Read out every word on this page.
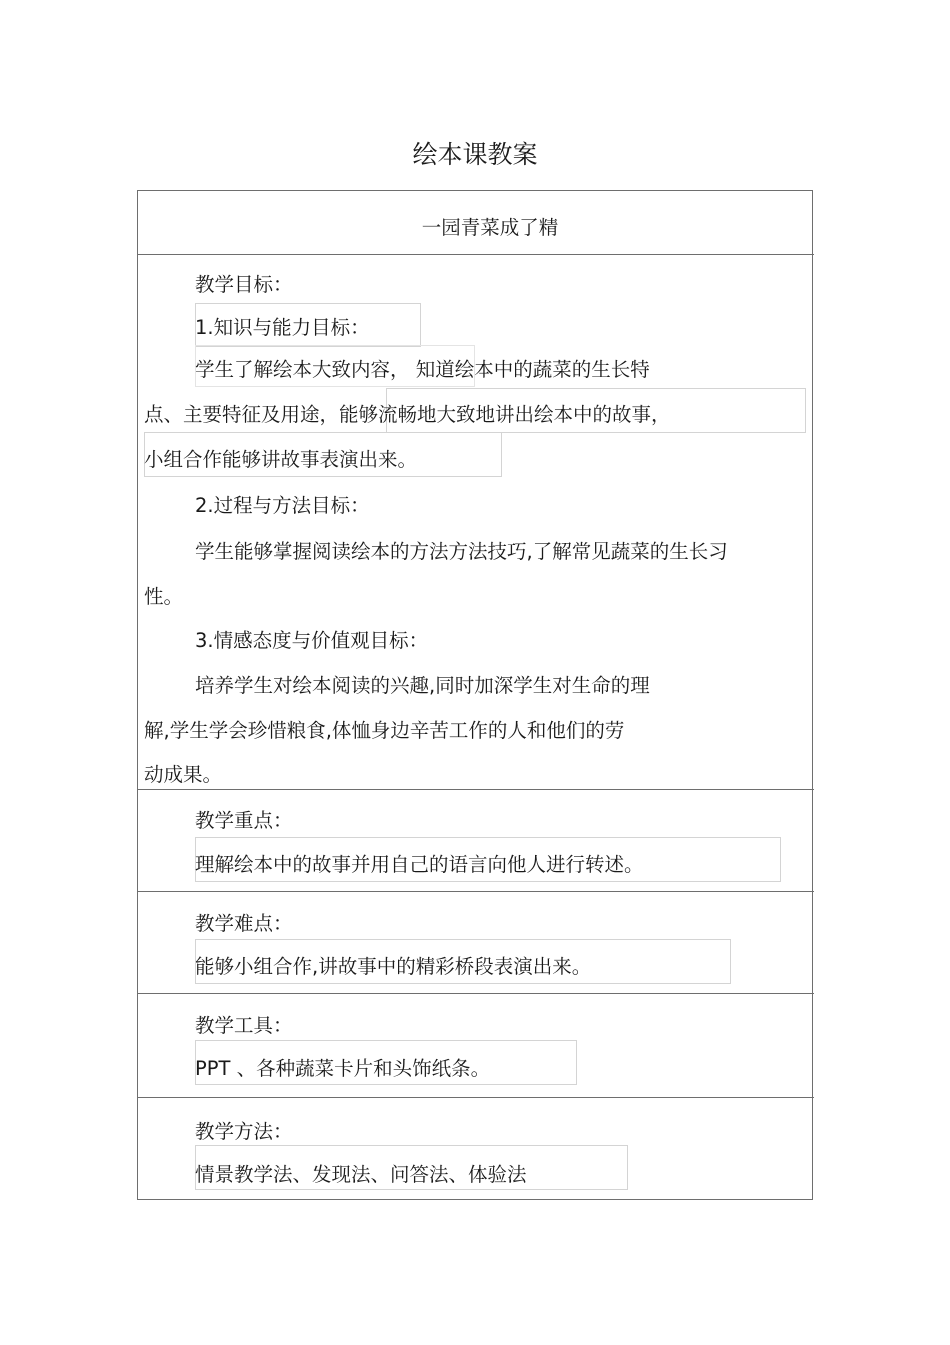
绘本课教案
一园青菜成了精
教学目标：
1.知识与能力目标：
学生了解绘本大致内容， 知道绘本中的蔬菜的生长特
点、主要特征及用途，能够流畅地大致地讲出绘本中的故事，
小组合作能够讲故事表演出来。
2.过程与方法目标：
学生能够掌握阅读绘本的方法方法技巧,了解常见蔬菜的生长习
性。
3.情感态度与价值观目标：
培养学生对绘本阅读的兴趣,同时加深学生对生命的理
解,学生学会珍惜粮食,体恤身边辛苦工作的人和他们的劳
动成果。
教学重点：
理解绘本中的故事并用自己的语言向他人进行转述。
教学难点：
能够小组合作,讲故事中的精彩桥段表演出来。
教学工具：
PPT 、各种蔬菜卡片和头饰纸条。
教学方法：
情景教学法、发现法、问答法、体验法
